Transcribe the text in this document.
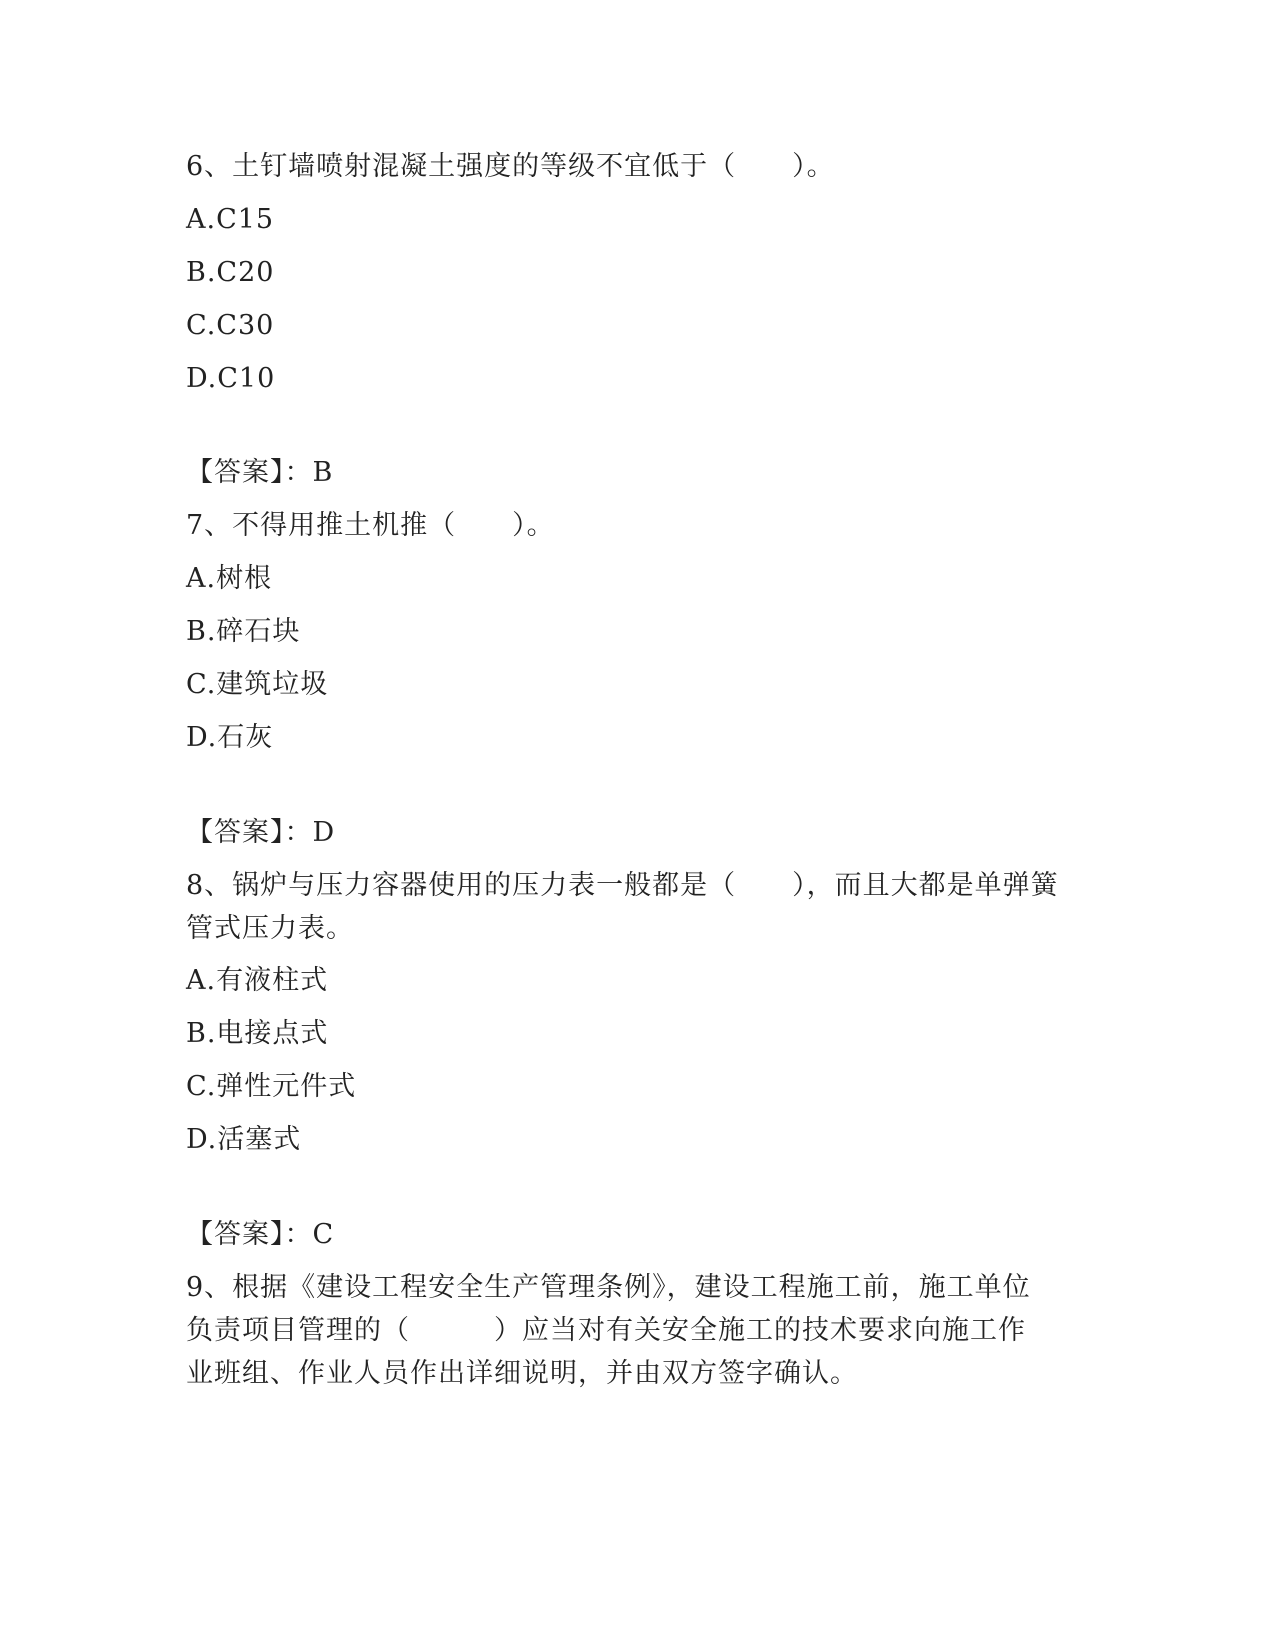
6、土钉墙喷射混凝土强度的等级不宜低于（　　）。
A.C15
B.C20
C.C30
D.C10
【答案】：B
7、不得用推土机推（　　）。
A.树根
B.碎石块
C.建筑垃圾
D.石灰
【答案】：D
8、锅炉与压力容器使用的压力表一般都是（　　），而且大都是单弹簧
管式压力表。
A.有液柱式
B.电接点式
C.弹性元件式
D.活塞式
【答案】：C
9、根据《建设工程安全生产管理条例》，建设工程施工前，施工单位
负责项目管理的（　　　）应当对有关安全施工的技术要求向施工作
业班组、作业人员作出详细说明，并由双方签字确认。
